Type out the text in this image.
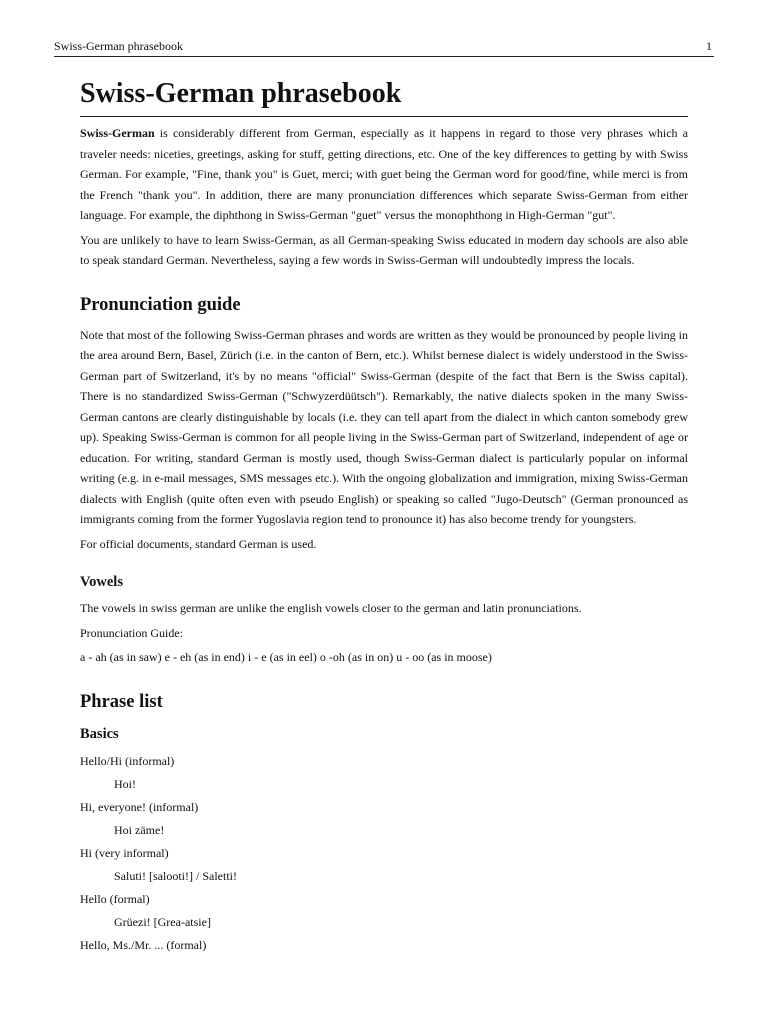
Swiss-German phrasebook	1
Swiss-German phrasebook

Swiss-German is considerably different from German, especially as it happens in regard to those very phrases which a traveler needs: niceties, greetings, asking for stuff, getting directions, etc. One of the key differences to getting by with Swiss German. For example, "Fine, thank you" is Guet, merci; with guet being the German word for good/fine, while merci is from the French "thank you". In addition, there are many pronunciation differences which separate Swiss-German from either language. For example, the diphthong in Swiss-German "guet" versus the monophthong in High-German "gut".

You are unlikely to have to learn Swiss-German, as all German-speaking Swiss educated in modern day schools are also able to speak standard German. Nevertheless, saying a few words in Swiss-German will undoubtedly impress the locals.

Pronunciation guide

Note that most of the following Swiss-German phrases and words are written as they would be pronounced by people living in the area around Bern, Basel, Zürich (i.e. in the canton of Bern, etc.). Whilst bernese dialect is widely understood in the Swiss-German part of Switzerland, it's by no means "official" Swiss-German (despite of the fact that Bern is the Swiss capital). There is no standardized Swiss-German ("Schwyzerdüütsch"). Remarkably, the native dialects spoken in the many Swiss-German cantons are clearly distinguishable by locals (i.e. they can tell apart from the dialect in which canton somebody grew up). Speaking Swiss-German is common for all people living in the Swiss-German part of Switzerland, independent of age or education. For writing, standard German is mostly used, though Swiss-German dialect is particularly popular on informal writing (e.g. in e-mail messages, SMS messages etc.). With the ongoing globalization and immigration, mixing Swiss-German dialects with English (quite often even with pseudo English) or speaking so called "Jugo-Deutsch" (German pronounced as immigrants coming from the former Yugoslavia region tend to pronounce it) has also become trendy for youngsters.

For official documents, standard German is used.

Vowels

The vowels in swiss german are unlike the english vowels closer to the german and latin pronunciations.

Pronunciation Guide:

a - ah (as in saw) e - eh (as in end) i - e (as in eel) o -oh (as in on) u - oo (as in moose)

Phrase list
Basics

Hello/Hi (informal)

Hoi!

Hi, everyone! (informal)

Hoi zäme!

Hi (very informal)

Saluti! [salooti!] / Saletti!

Hello (formal)

Grüezi! [Grea-atsie]

Hello, Ms./Mr. ... (formal)
